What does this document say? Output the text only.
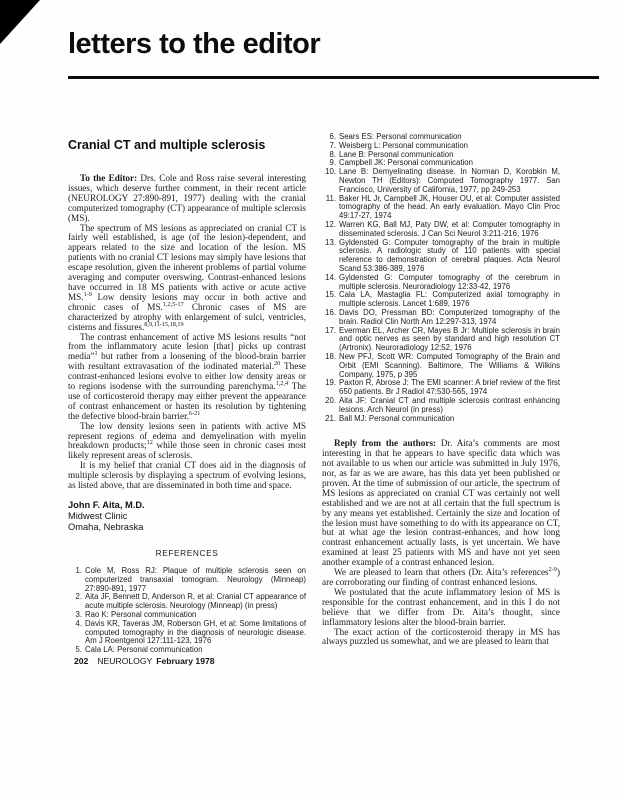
letters to the editor
Cranial CT and multiple sclerosis

To the Editor: Drs. Cole and Ross raise several interesting issues, which deserve further comment, in their recent article (NEUROLOGY 27:890-891, 1977) dealing with the cranial computerized tomography (CT) appearance of multiple sclerosis (MS).

The spectrum of MS lesions as appreciated on cranial CT is fairly well established, is age (of the lesion)-dependent, and appears related to the size and location of the lesion. MS patients with no cranial CT lesions may simply have lesions that escape resolution, given the inherent problems of partial volume averaging and computer overswing. Contrast-enhanced lesions have occurred in 18 MS patients with active or acute active MS.$^{1-9}$ Low density lesions may occur in both active and chronic cases of MS.$^{1,2,5-17}$ Chronic cases of MS are characterized by atrophy with enlargement of sulci, ventricles, cisterns and fissures.$^{8,9,11-15,18,19}$

The contrast enhancement of active MS lesions results “not from the inflammatory acute lesion [that] picks up contrast media”$^1$ but rather from a loosening of the blood-brain barrier with resultant extravasation of the iodinated material.$^{20}$ These contrast-enhanced lesions evolve to either low density areas or to regions isodense with the surrounding parenchyma.$^{1,2,4}$ The use of corticosteroid therapy may either prevent the appearance of contrast enhancement or hasten its resolution by tightening the defective blood-brain barrier.$^{6-21}$

The low density lesions seen in patients with active MS represent regions of edema and demyelination with myelin breakdown products;$^{12}$ while those seen in chronic cases most likely represent areas of sclerosis.

It is my belief that cranial CT does aid in the diagnosis of multiple sclerosis by displaying a spectrum of evolving lesions, as listed above, that are disseminated in both time and space.

John F. Aita, M.D.
Midwest Clinic
Omaha, Nebraska
REFERENCES
1. Cole M, Ross RJ: Plaque of multiple sclerosis seen on computerized transaxial tomogram. Neurology (Minneap) 27:890-891, 1977
2. Aita JF, Bennett D, Anderson R, et al: Cranial CT appearance of acute multiple sclerosis. Neurology (Minneap) (in press)
3. Rao K: Personal communication
4. Davis KR, Taveras JM, Roberson GH, et al: Some limitations of computed tomography in the diagnosis of neurologic disease. Am J Roentgenol 127:111-123, 1976
5. Cala LA: Personal communication
6. Sears ES: Personal communication
7. Weisberg L: Personal communication
8. Lane B: Personal communication
9. Campbell JK: Personal communication
10. Lane B: Demyelinating disease. In Norman D, Korobkin M, Newton TH (Editors): Computed Tomography 1977. San Francisco, University of California, 1977, pp 249-253
11. Baker HL Jr, Campbell JK, Houser OU, et al: Computer assisted tomography of the head. An early evaluation. Mayo Clin Proc 49:17-27, 1974
12. Warren KG, Ball MJ, Paty DW, et al: Computer tomography in disseminated sclerosis. J Can Sci Neurol 3:211-216, 1976
13. Gyldensted G: Computer tomography of the brain in multiple sclerosis. A radiologic study of 110 patients with special reference to demonstration of cerebral plaques. Acta Neurol Scand 53:386-389, 1976
14. Gyldensted G: Computer tomography of the cerebrum in multiple sclerosis. Neuroradiology 12:33-42, 1976
15. Cala LA, Mastaglia FL: Computerized axial tomography in multiple sclerosis. Lancet 1:689, 1976
16. Davis DO, Pressman BD: Computerized tomography of the brain. Radiol Clin North Am 12:297-313, 1974
17. Everman EL, Archer CR, Mayes B Jr: Multiple sclerosis in brain and optic nerves as seen by standard and high resolution CT (Artronix). Neuroradiology 12:52, 1976
18. New PFJ, Scott WR: Computed Tomography of the Brain and Orbit (EMI Scanning). Baltimore, The Williams & Wilkins Company, 1975, p 395
19. Paxton R, Abrose J: The EMI scanner: A brief review of the first 650 patients. Br J Radiol 47:530-565, 1974
20. Aita JF: Cranial CT and multiple sclerosis contrast enhancing lesions. Arch Neurol (in press)
21. Ball MJ: Personal communication

Reply from the authors: Dr. Aita’s comments are most interesting in that he appears to have specific data which was not available to us when our article was submitted in July 1976, nor, as far as we are aware, has this data yet been published or proven. At the time of submission of our article, the spectrum of MS lesions as appreciated on cranial CT was certainly not well established and we are not at all certain that the full spectrum is by any means yet established. Certainly the size and location of the lesion must have something to do with its appearance on CT, but at what age the lesion contrast-enhances, and how long contrast enhancement actually lasts, is yet uncertain. We have examined at least 25 patients with MS and have not yet seen another example of a contrast enhanced lesion.

We are pleased to learn that others (Dr. Aita’s references$^{2-9}$) are corroborating our finding of contrast enhanced lesions.

We postulated that the acute inflammatory lesion of MS is responsible for the contrast enhancement, and in this I do not believe that we differ from Dr. Aita’s thought, since inflammatory lesions alter the blood-brain barrier.

The exact action of the corticosteroid therapy in MS has always puzzled us somewhat, and we are pleased to learn that

202 NEUROLOGY February 1978
